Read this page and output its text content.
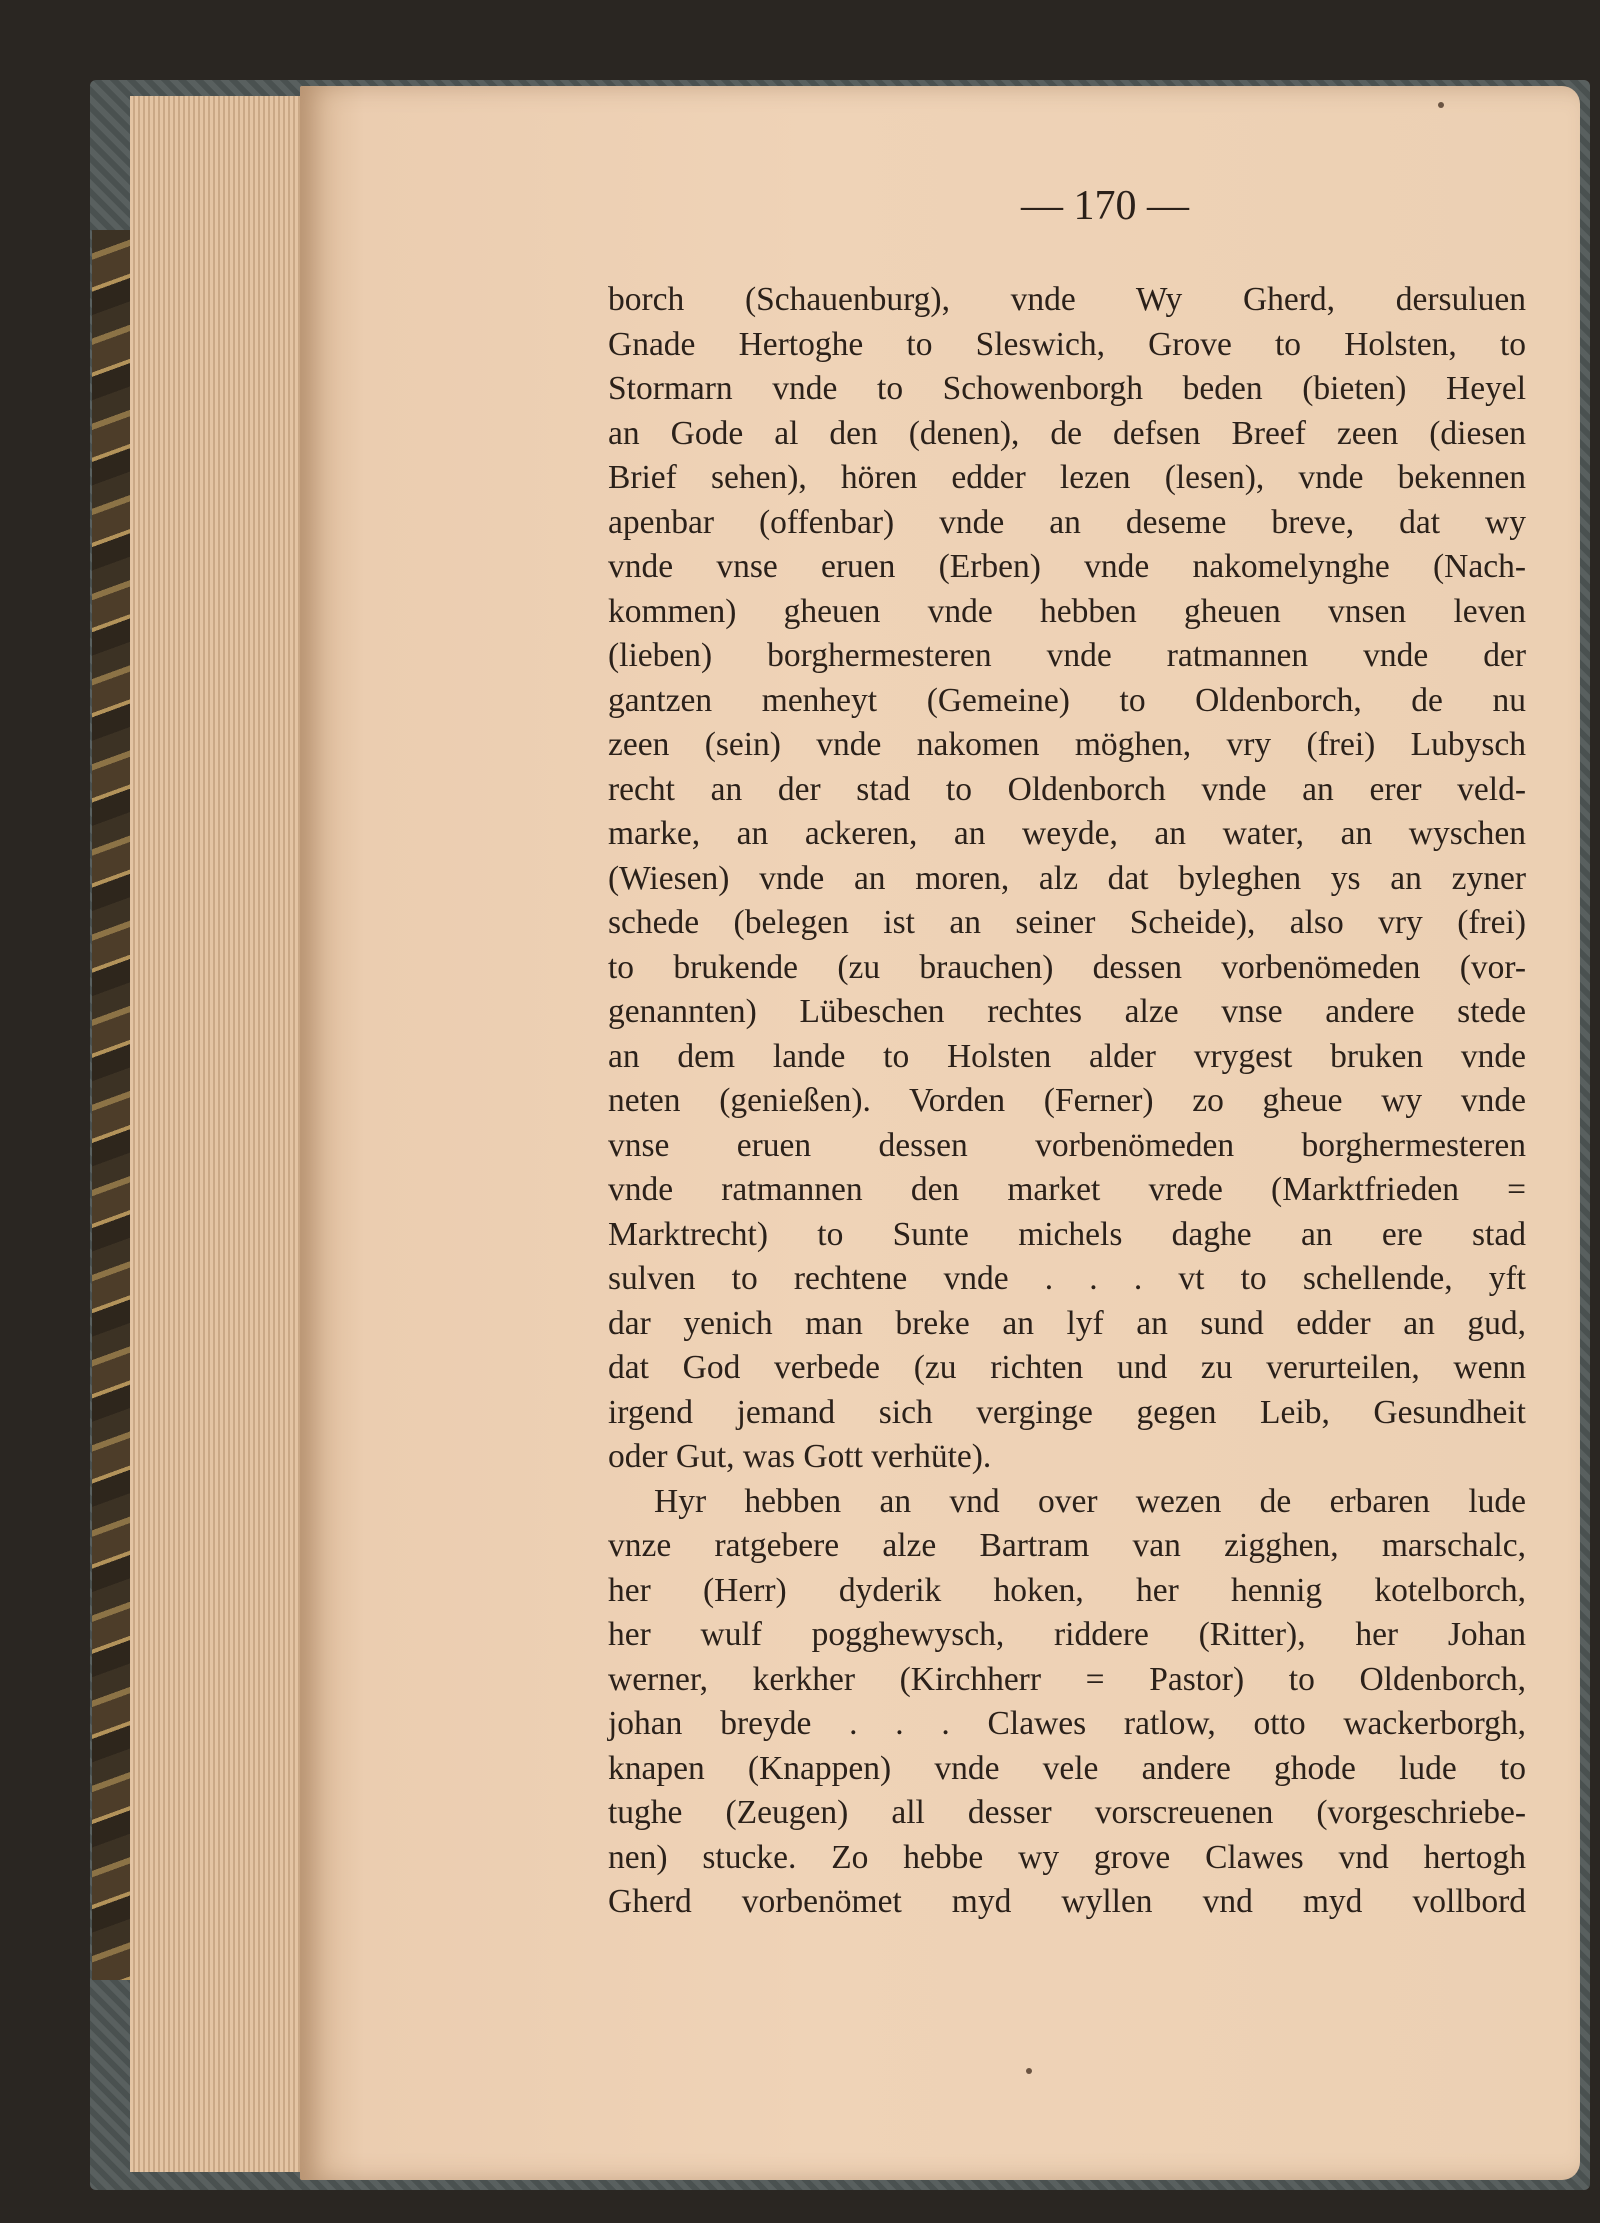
— 170 —
borch (Schauenburg), vnde Wy Gherd, dersuluen
Gnade Hertoghe to Sleswich, Grove to Holsten, to
Stormarn vnde to Schowenborgh beden (bieten) Heyel
an Gode al den (denen), de defsen Breef zeen (diesen
Brief sehen), hören edder lezen (lesen), vnde bekennen
apenbar (offenbar) vnde an deseme breve, dat wy
vnde vnse eruen (Erben) vnde nakomelynghe (Nach-
kommen) gheuen vnde hebben gheuen vnsen leven
(lieben) borghermesteren vnde ratmannen vnde der
gantzen menheyt (Gemeine) to Oldenborch, de nu
zeen (sein) vnde nakomen möghen, vry (frei) Lubysch
recht an der stad to Oldenborch vnde an erer veld-
marke, an ackeren, an weyde, an water, an wyschen
(Wiesen) vnde an moren, alz dat byleghen ys an zyner
schede (belegen ist an seiner Scheide), also vry (frei)
to brukende (zu brauchen) dessen vorbenömeden (vor-
genannten) Lübeschen rechtes alze vnse andere stede
an dem lande to Holsten alder vrygest bruken vnde
neten (genießen). Vorden (Ferner) zo gheue wy vnde
vnse eruen dessen vorbenömeden borghermesteren
vnde ratmannen den market vrede (Marktfrieden =
Marktrecht) to Sunte michels daghe an ere stad
sulven to rechtene vnde . . . vt to schellende, yft
dar yenich man breke an lyf an sund edder an gud,
dat God verbede (zu richten und zu verurteilen, wenn
irgend jemand sich verginge gegen Leib, Gesundheit
oder Gut, was Gott verhüte).
Hyr hebben an vnd over wezen de erbaren lude
vnze ratgebere alze Bartram van zigghen, marschalc,
her (Herr) dyderik hoken, her hennig kotelborch,
her wulf pogghewysch, riddere (Ritter), her Johan
werner, kerkher (Kirchherr = Pastor) to Oldenborch,
johan breyde . . . Clawes ratlow, otto wackerborgh,
knapen (Knappen) vnde vele andere ghode lude to
tughe (Zeugen) all desser vorscreuenen (vorgeschriebe-
nen) stucke. Zo hebbe wy grove Clawes vnd hertogh
Gherd vorbenömet myd wyllen vnd myd vollbord
